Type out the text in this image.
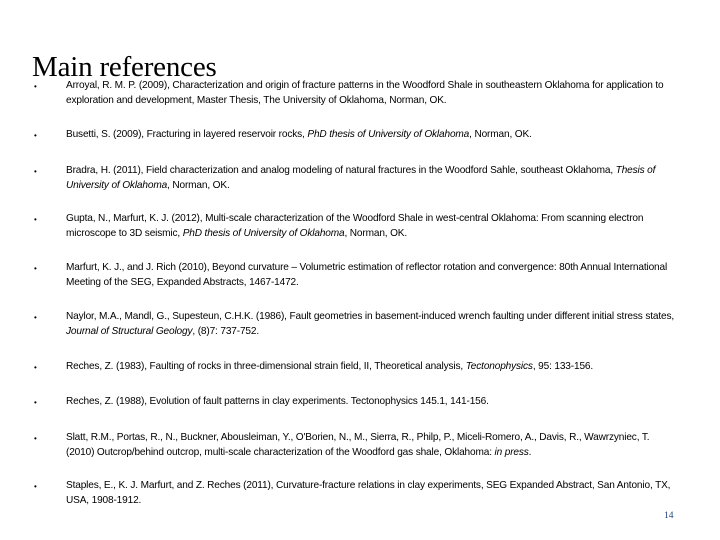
Main references
•	Arroyal, R. M. P. (2009), Characterization and origin of fracture patterns in the Woodford Shale in southeastern Oklahoma for application to exploration and development, Master Thesis, The University of Oklahoma, Norman, OK.
•	Busetti, S. (2009), Fracturing in layered reservoir rocks, PhD thesis of University of Oklahoma, Norman, OK.
•	Bradra, H. (2011), Field characterization and analog modeling of natural fractures in the Woodford Sahle, southeast Oklahoma, Thesis of University of Oklahoma, Norman, OK.
•	Gupta, N., Marfurt, K. J. (2012), Multi-scale characterization of the Woodford Shale in west-central Oklahoma: From scanning electron microscope to 3D seismic, PhD thesis of University of Oklahoma, Norman, OK.
•	Marfurt, K. J., and J. Rich (2010), Beyond curvature – Volumetric estimation of reflector rotation and convergence: 80th Annual International Meeting of the SEG, Expanded Abstracts, 1467-1472.
•	Naylor, M.A., Mandl, G., Supesteun, C.H.K. (1986), Fault geometries in basement-induced wrench faulting under different initial stress states, Journal of Structural Geology, (8)7: 737-752.
•	Reches, Z. (1983), Faulting of rocks in three-dimensional strain field, II, Theoretical analysis, Tectonophysics, 95: 133-156.
•	Reches, Z. (1988), Evolution of fault patterns in clay experiments. Tectonophysics 145.1, 141-156.
•	Slatt, R.M., Portas, R., N., Buckner, Abousleiman, Y., O'Borien, N., M., Sierra, R., Philp, P., Miceli-Romero, A., Davis, R., Wawrzyniec, T. (2010) Outcrop/behind outcrop, multi-scale characterization of the Woodford gas shale, Oklahoma: in press.
•	Staples, E., K. J. Marfurt, and Z. Reches (2011), Curvature-fracture relations in clay experiments, SEG Expanded Abstract, San Antonio, TX, USA, 1908-1912.
14
